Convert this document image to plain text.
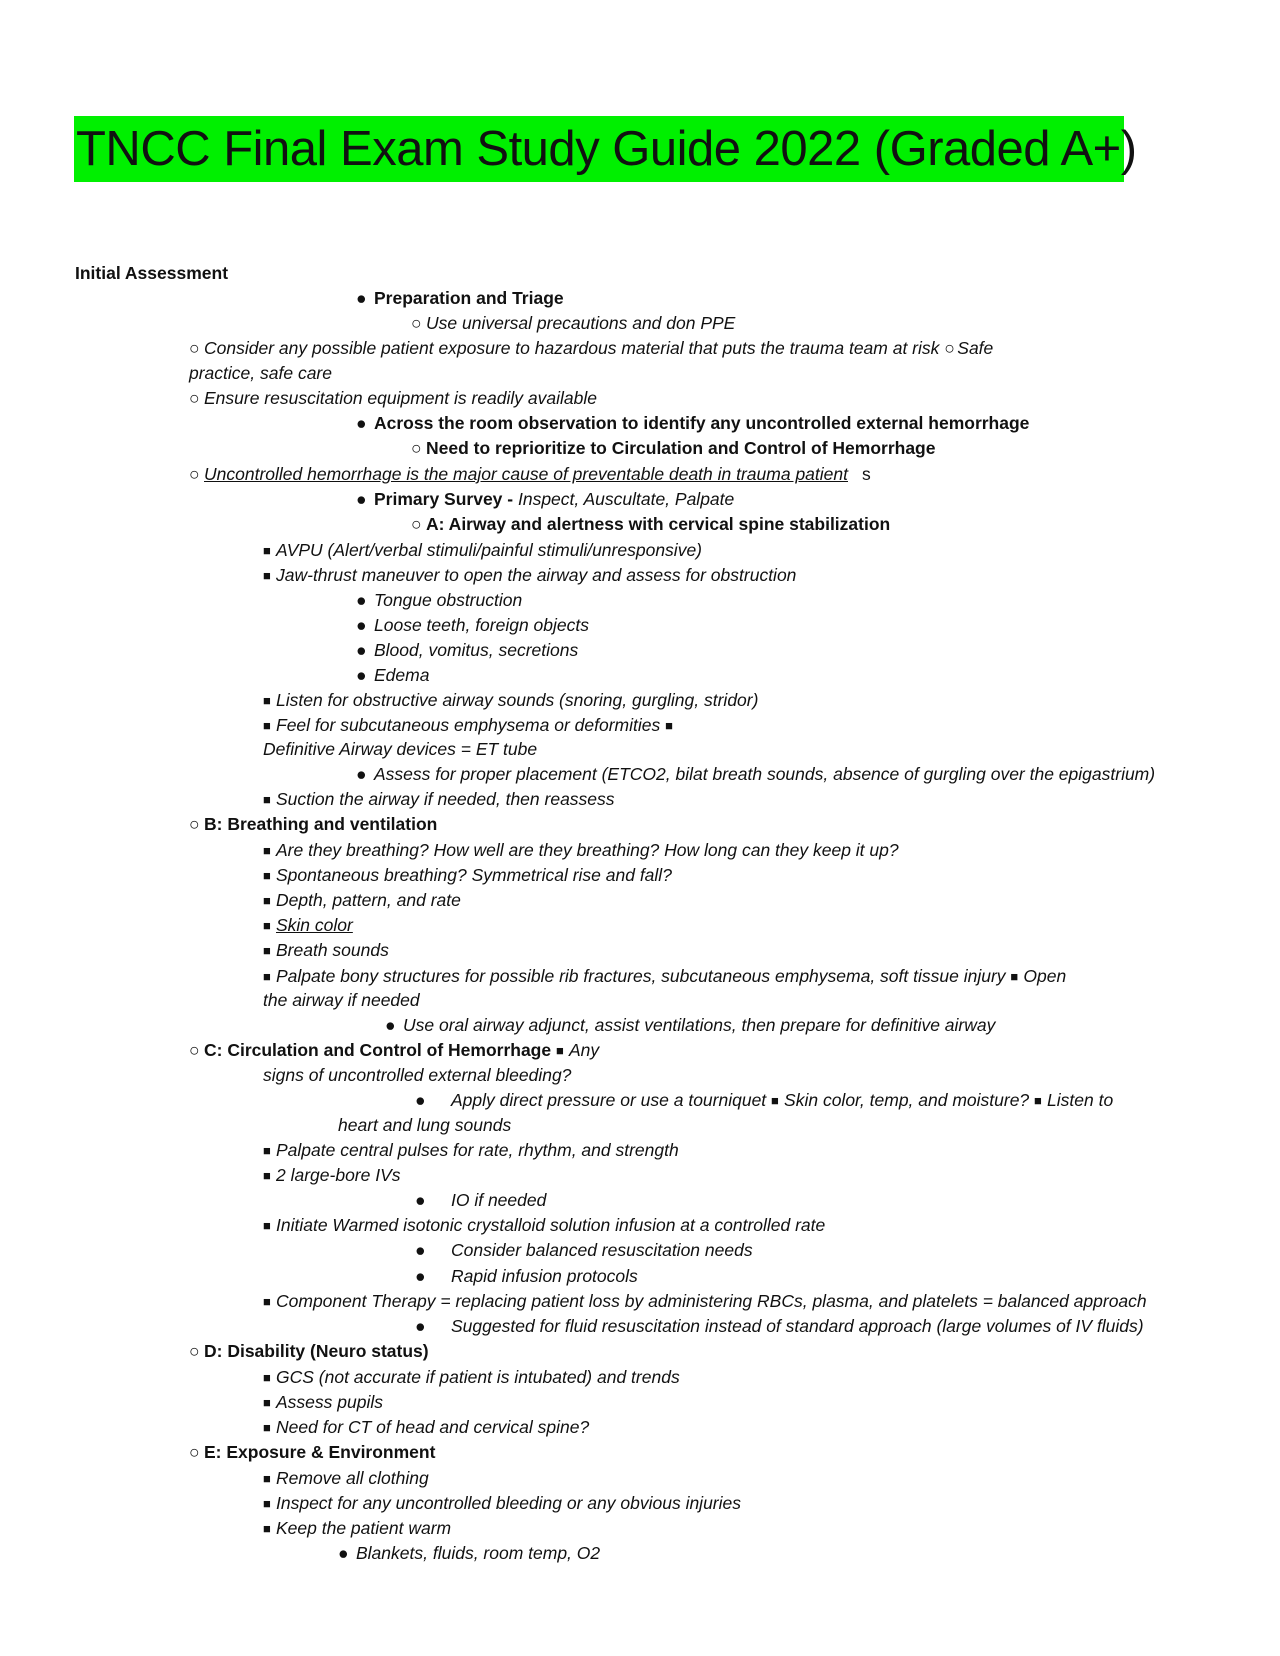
TNCC Final Exam Study Guide 2022 (Graded A+)
Initial Assessment
● Preparation and Triage
○ Use universal precautions and don PPE
○ Consider any possible patient exposure to hazardous material that puts the trauma team at risk ○ Safe
practice, safe care
○ Ensure resuscitation equipment is readily available
● Across the room observation to identify any uncontrolled external hemorrhage
○ Need to reprioritize to Circulation and Control of Hemorrhage
○ Uncontrolled hemorrhage is the major cause of preventable death in trauma patient s
● Primary Survey - Inspect, Auscultate, Palpate
○ A: Airway and alertness with cervical spine stabilization
■ AVPU (Alert/verbal stimuli/painful stimuli/unresponsive)
■ Jaw-thrust maneuver to open the airway and assess for obstruction
● Tongue obstruction
● Loose teeth, foreign objects
● Blood, vomitus, secretions
● Edema
■ Listen for obstructive airway sounds (snoring, gurgling, stridor)
■ Feel for subcutaneous emphysema or deformities ■
Definitive Airway devices = ET tube
● Assess for proper placement (ETCO2, bilat breath sounds, absence of gurgling over the epigastrium)
■ Suction the airway if needed, then reassess
○ B: Breathing and ventilation
■ Are they breathing? How well are they breathing? How long can they keep it up?
■ Spontaneous breathing? Symmetrical rise and fall?
■ Depth, pattern, and rate
■ Skin color
■ Breath sounds
■ Palpate bony structures for possible rib fractures, subcutaneous emphysema, soft tissue injury ■ Open
the airway if needed
● Use oral airway adjunct, assist ventilations, then prepare for definitive airway
○ C: Circulation and Control of Hemorrhage ■ Any
signs of uncontrolled external bleeding?
● Apply direct pressure or use a tourniquet ■ Skin color, temp, and moisture? ■ Listen to
heart and lung sounds
■ Palpate central pulses for rate, rhythm, and strength
■ 2 large-bore IVs
● IO if needed
■ Initiate Warmed isotonic crystalloid solution infusion at a controlled rate
● Consider balanced resuscitation needs
● Rapid infusion protocols
■ Component Therapy = replacing patient loss by administering RBCs, plasma, and platelets = balanced approach
● Suggested for fluid resuscitation instead of standard approach (large volumes of IV fluids)
○ D: Disability (Neuro status)
■ GCS (not accurate if patient is intubated) and trends
■ Assess pupils
■ Need for CT of head and cervical spine?
○ E: Exposure & Environment
■ Remove all clothing
■ Inspect for any uncontrolled bleeding or any obvious injuries
■ Keep the patient warm
● Blankets, fluids, room temp, O2
